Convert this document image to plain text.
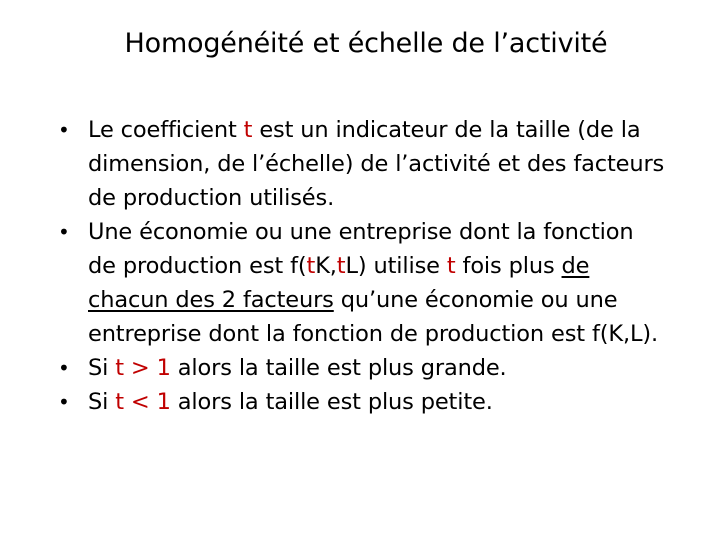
Homogénéité et échelle de l’activité
• Le coefficient t est un indicateur de la taille (de la dimension, de l’échelle) de l’activité et des facteurs de production utilisés.
• Une économie ou une entreprise dont la fonction de production est f(tK,tL) utilise t fois plus de chacun des 2 facteurs qu’une économie ou une entreprise dont la fonction de production est f(K,L).
• Si t > 1 alors la taille est plus grande.
• Si t < 1 alors la taille est plus petite.
